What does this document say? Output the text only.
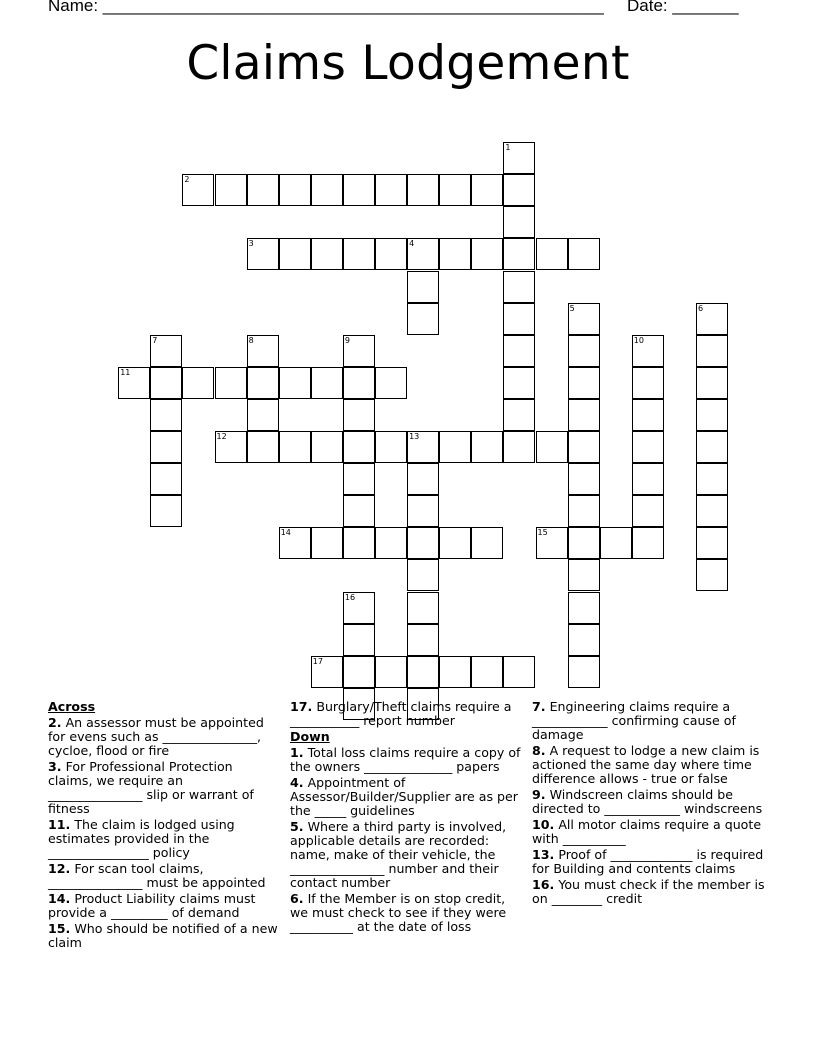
Name: _____________________________________________________ Date: _______
Claims Lodgement
1
2
3	4
5	6
7	8	9	10
11
12	13
14	15
16
17
Across
2. An assessor must be appointed for evens such as _______________, cycloe, flood or fire
3. For Professional Protection claims, we require an _______________ slip or warrant of fitness
11. The claim is lodged using estimates provided in the ________________ policy
12. For scan tool claims, _______________ must be appointed
14. Product Liability claims must provide a _________ of demand
15. Who should be notified of a new claim
17. Burglary/Theft claims require a ___________ report number
Down
1. Total loss claims require a copy of the owners ______________ papers
4. Appointment of Assessor/Builder/Supplier are as per the _____ guidelines
5. Where a third party is involved, applicable details are recorded: name, make of their vehicle, the _______________ number and their contact number
6. If the Member is on stop credit, we must check to see if they were __________ at the date of loss
7. Engineering claims require a ____________ confirming cause of damage
8. A request to lodge a new claim is actioned the same day where time difference allows - true or false
9. Windscreen claims should be directed to ____________ windscreens
10. All motor claims require a quote with __________
13. Proof of _____________ is required for Building and contents claims
16. You must check if the member is on ________ credit
